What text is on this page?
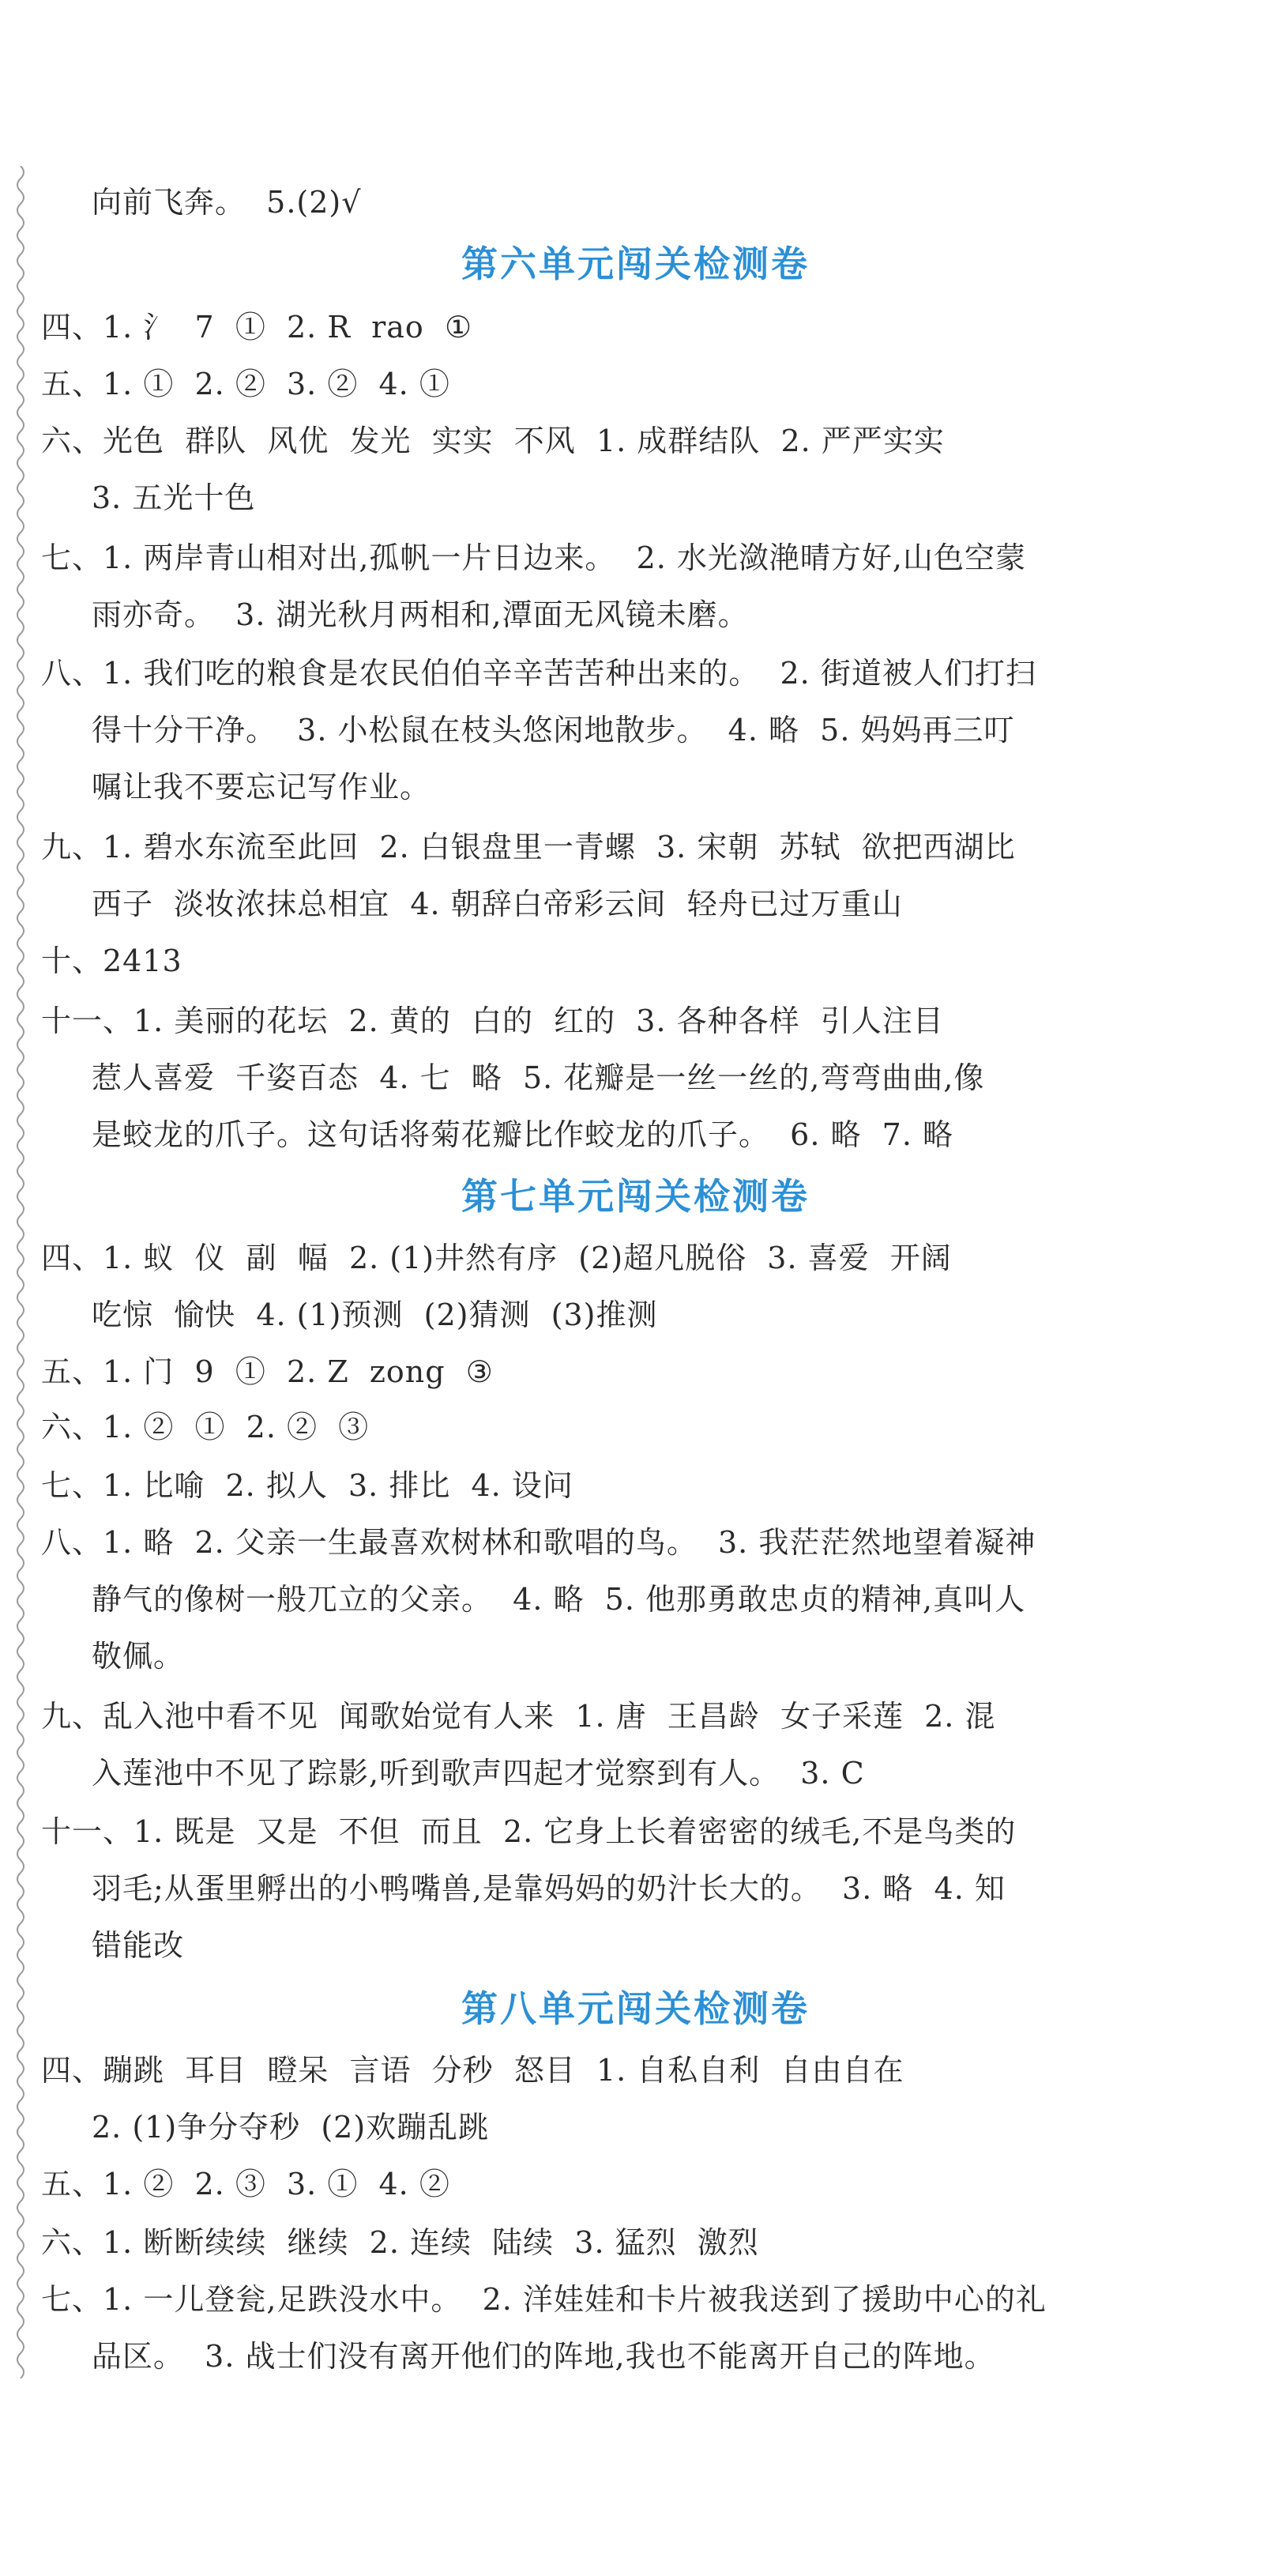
向前飞奔。  5.(2)√
第六单元闯关检测卷
四、1. 氵  7  ①  2. R  rao  ①
五、1. ①  2. ②  3. ②  4. ①
六、光色  群队  风优  发光  实实  不风  1. 成群结队  2. 严严实实
3. 五光十色
七、1. 两岸青山相对出,孤帆一片日边来。  2. 水光潋滟晴方好,山色空蒙
雨亦奇。  3. 湖光秋月两相和,潭面无风镜未磨。
八、1. 我们吃的粮食是农民伯伯辛辛苦苦种出来的。  2. 街道被人们打扫
得十分干净。  3. 小松鼠在枝头悠闲地散步。  4. 略  5. 妈妈再三叮
嘱让我不要忘记写作业。
九、1. 碧水东流至此回  2. 白银盘里一青螺  3. 宋朝  苏轼  欲把西湖比
西子  淡妆浓抹总相宜  4. 朝辞白帝彩云间  轻舟已过万重山
十、2413
十一、1. 美丽的花坛  2. 黄的  白的  红的  3. 各种各样  引人注目
惹人喜爱  千姿百态  4. 七  略  5. 花瓣是一丝一丝的,弯弯曲曲,像
是蛟龙的爪子。这句话将菊花瓣比作蛟龙的爪子。  6. 略  7. 略
第七单元闯关检测卷
四、1. 蚁  仪  副  幅  2. (1)井然有序  (2)超凡脱俗  3. 喜爱  开阔
吃惊  愉快  4. (1)预测  (2)猜测  (3)推测
五、1. 门  9  ①  2. Z  zong  ③
六、1. ②  ①  2. ②  ③
七、1. 比喻  2. 拟人  3. 排比  4. 设问
八、1. 略  2. 父亲一生最喜欢树林和歌唱的鸟。  3. 我茫茫然地望着凝神
静气的像树一般兀立的父亲。  4. 略  5. 他那勇敢忠贞的精神,真叫人
敬佩。
九、乱入池中看不见  闻歌始觉有人来  1. 唐  王昌龄  女子采莲  2. 混
入莲池中不见了踪影,听到歌声四起才觉察到有人。  3. C
十一、1. 既是  又是  不但  而且  2. 它身上长着密密的绒毛,不是鸟类的
羽毛;从蛋里孵出的小鸭嘴兽,是靠妈妈的奶汁长大的。  3. 略  4. 知
错能改
第八单元闯关检测卷
四、蹦跳  耳目  瞪呆  言语  分秒  怒目  1. 自私自利  自由自在
2. (1)争分夺秒  (2)欢蹦乱跳
五、1. ②  2. ③  3. ①  4. ②
六、1. 断断续续  继续  2. 连续  陆续  3. 猛烈  激烈
七、1. 一儿登瓮,足跌没水中。  2. 洋娃娃和卡片被我送到了援助中心的礼
品区。  3. 战士们没有离开他们的阵地,我也不能离开自己的阵地。
